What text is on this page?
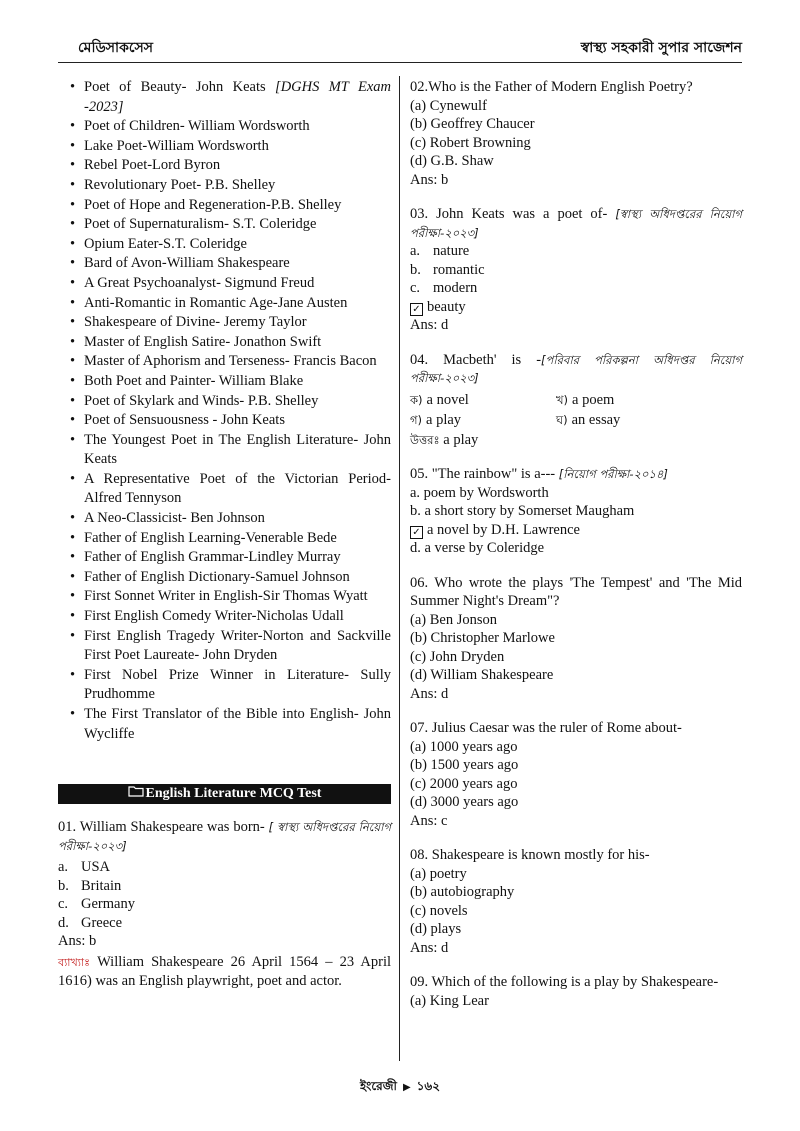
মেডিসাকসেস	স্বাস্থ্য সহকারী সুপার সাজেশন
• Poet of Beauty- John Keats [DGHS MT Exam -2023]
• Poet of Children- William Wordsworth
• Lake Poet-William Wordsworth
• Rebel Poet-Lord Byron
• Revolutionary Poet- P.B. Shelley
• Poet of Hope and Regeneration-P.B. Shelley
• Poet of Supernaturalism- S.T. Coleridge
• Opium Eater-S.T. Coleridge
• Bard of Avon-William Shakespeare
• A Great Psychoanalyst- Sigmund Freud
• Anti-Romantic in Romantic Age-Jane Austen
• Shakespeare of Divine- Jeremy Taylor
• Master of English Satire- Jonathon Swift
• Master of Aphorism and Terseness- Francis Bacon
• Both Poet and Painter- William Blake
• Poet of Skylark and Winds- P.B. Shelley
• Poet of Sensuousness - John Keats
• The Youngest Poet in The English Literature- John Keats
• A Representative Poet of the Victorian Period- Alfred Tennyson
• A Neo-Classicist- Ben Johnson
• Father of English Learning-Venerable Bede
• Father of English Grammar-Lindley Murray
• Father of English Dictionary-Samuel Johnson
• First Sonnet Writer in English-Sir Thomas Wyatt
• First English Comedy Writer-Nicholas Udall
• First English Tragedy Writer-Norton and Sackville First Poet Laureate- John Dryden
• First Nobel Prize Winner in Literature- Sully Prudhomme
• The First Translator of the Bible into English- John Wycliffe
English Literature MCQ Test
01. William Shakespeare was born- [ স্বাস্থ্য অধিদপ্তরের নিয়োগ পরীক্ষা-২০২৩]
a. USA
b. Britain
c. Germany
d. Greece
Ans: b
ব্যাখ্যাঃ William Shakespeare 26 April 1564 – 23 April 1616) was an English playwright, poet and actor.
02.Who is the Father of Modern English Poetry?
(a) Cynewulf
(b) Geoffrey Chaucer
(c) Robert Browning
(d) G.B. Shaw
Ans: b
03. John Keats was a poet of- [স্বাস্থ্য অধিদপ্তরের নিয়োগ পরীক্ষা-২০২৩]
a. nature
b. romantic
c. modern
✓ beauty
Ans: d
04. Macbeth' is -[পরিবার পরিকল্পনা অধিদপ্তর নিয়োগ পরীক্ষা-২০২৩]
ক) a novel	খ) a poem
গ) a play	ঘ) an essay
উত্তরঃ a play
05. "The rainbow" is a--- [নিয়োগ পরীক্ষা-২০১৪]
a. poem by Wordsworth
b. a short story by Somerset Maugham
✓ a novel by D.H. Lawrence
d. a verse by Coleridge
06. Who wrote the plays 'The Tempest' and 'The Mid Summer Night's Dream"?
(a) Ben Jonson
(b) Christopher Marlowe
(c) John Dryden
(d) William Shakespeare
Ans: d
07. Julius Caesar was the ruler of Rome about-
(a) 1000 years ago
(b) 1500 years ago
(c) 2000 years ago
(d) 3000 years ago
Ans: c
08. Shakespeare is known mostly for his-
(a) poetry
(b) autobiography
(c) novels
(d) plays
Ans: d
09. Which of the following is a play by Shakespeare-
(a) King Lear
ইংরেজী ▶ ১৬২
